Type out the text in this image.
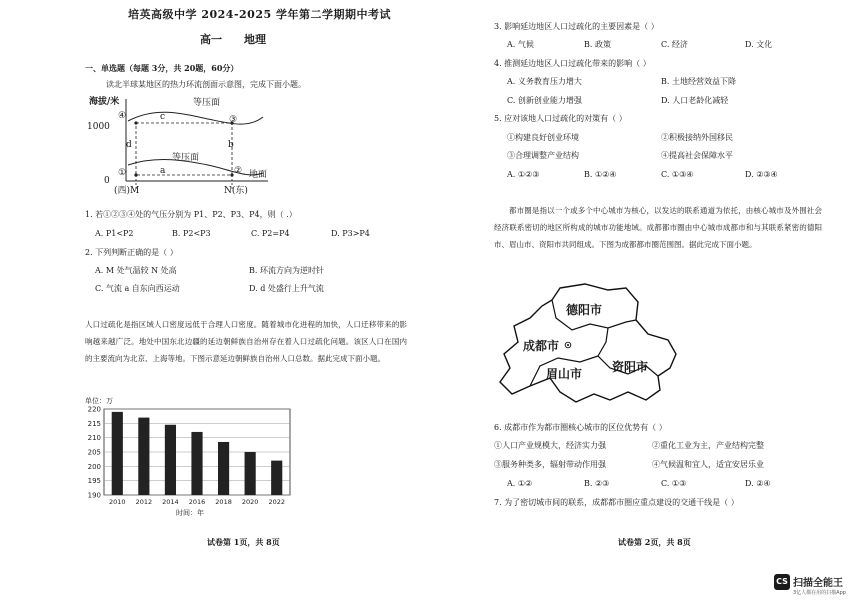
培英高级中学 2024-2025 学年第二学期期中考试
高一　　地理
一、单选题（每题 3分，共 20题，60分）
读北半球某地区的热力环流剖面示意图，完成下面小题。
海拔/米
1000
0
等压面
等压面
地面
④	③
①	②
c
a
d	b
(西)M	N(东)
1. 若①②③④处的气压分别为 P1、P2、P3、P4，则（ .）
A. P1<P2	B. P2<P3	C. P2=P4	D. P3>P4
2. 下列判断正确的是（ ）
A. M 处气温较 N 处高	B. 环流方向为逆时针
C. 气流 a 自东向西运动	D. d 处盛行上升气流
人口过疏化是指区域人口密度远低于合理人口密度。随着城市化进程的加快，人口迁移带来的影响越来越广泛。地处中国东北边疆的延边朝鲜族自治州存在着人口过疏化问题。该区人口在国内的主要流向为北京、上海等地。下图示意延边朝鲜族自治州人口总数。据此完成下面小题。
单位：万
190
195
200
205
210
215
220
2010 2012 2014 2016 2018 2020 2022
时间：年
试卷第 1页，共 8页
3. 影响延边地区人口过疏化的主要因素是（ ）
A. 气候	B. 政策	C. 经济	D. 文化
4. 推测延边地区人口过疏化带来的影响（ ）
A. 义务教育压力增大	B. 土地经营效益下降
C. 创新创业能力增强	D. 人口老龄化减轻
5. 应对该地人口过疏化的对策有（ ）
①构建良好创业环境	②积极接纳外国移民
③合理调整产业结构	④提高社会保障水平
A. ①②③	B. ①②④	C. ①③④	D. ②③④
都市圈是指以一个或多个中心城市为核心，以发达的联系通道为依托，由核心城市及外围社会经济联系密切的地区所构成的城市功能地域。成都都市圈由中心城市成都市和与其联系紧密的德阳市、眉山市、资阳市共同组成。下图为成都都市圈范围图。据此完成下面小题。
德阳市
成都市
眉山市 资阳市
6. 成都市作为都市圈核心城市的区位优势有（ ）
①人口产业规模大，经济实力强	②重化工业为主，产业结构完整
③服务种类多，辐射带动作用强	④气候温和宜人，适宜安居乐业
A. ①②	B. ②③	C. ①③	D. ②④
7. 为了密切城市间的联系，成都都市圈应重点建设的交通干线是（ ）
试卷第 2页，共 8页
CS 扫描全能王
3亿人都在用的扫描App
